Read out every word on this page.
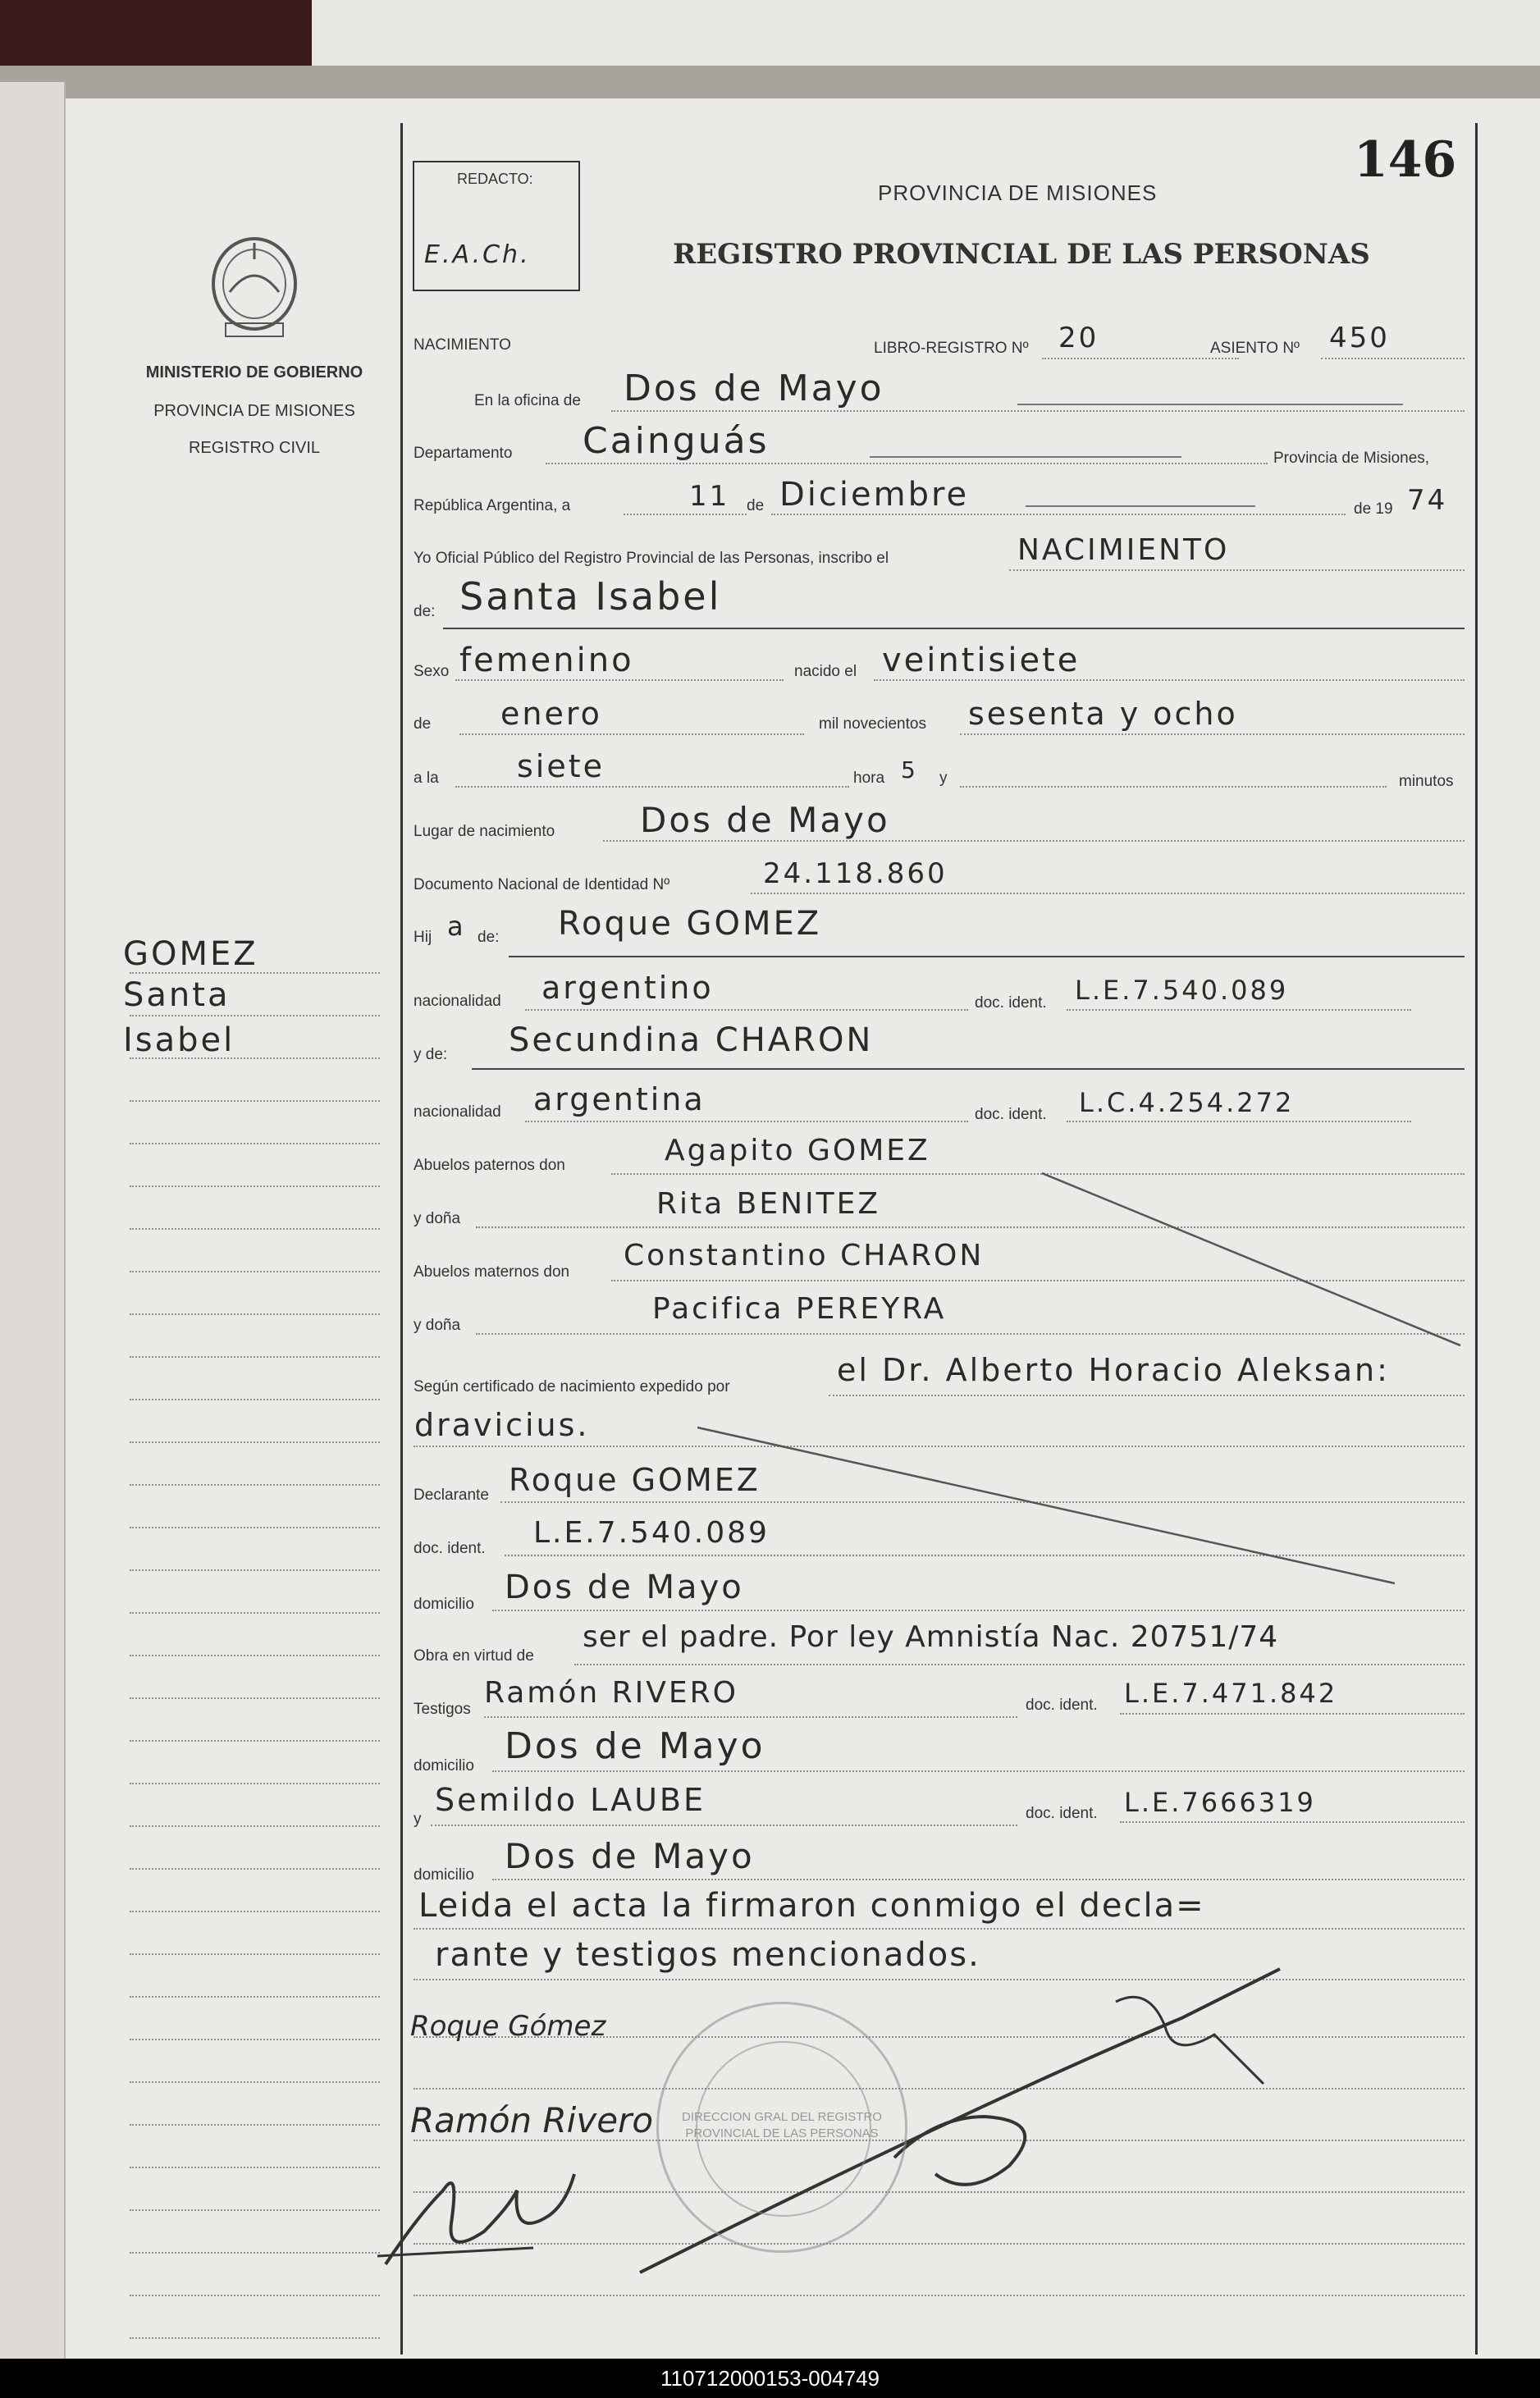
146
REDACTO:
E.A.Ch.
PROVINCIA DE MISIONES
REGISTRO PROVINCIAL DE LAS PERSONAS
MINISTERIO DE GOBIERNO
PROVINCIA DE MISIONES
REGISTRO CIVIL
GOMEZ
Santa
Isabel
NACIMIENTO	LIBRO-REGISTRO Nº 20	ASIENTO Nº 450
En la oficina de Dos de Mayo
Departamento Cainguás	Provincia de Misiones,
República Argentina, a	11 de Diciembre	de 19 74
Yo Oficial Público del Registro Provincial de las Personas, inscribo el	NACIMIENTO
de: Santa Isabel
Sexo femenino	nacido el veintisiete
de enero	mil novecientos sesenta y ocho
a la	siete	hora 5 y	minutos
Lugar de nacimiento Dos de Mayo
Documento Nacional de Identidad Nº	24.118.860
Hij a de: Roque GOMEZ
nacionalidad argentino	doc. ident. L.E.7.540.089
y de: Secundina CHARON
nacionalidad argentina	doc. ident. L.C.4.254.272
Abuelos paternos don	Agapito GOMEZ
y doña	Rita BENITEZ
Abuelos maternos don Constantino CHARON
y doña	Pacifica PEREYRA
Según certificado de nacimiento expedido por	el Dr. Alberto Horacio Aleksan:
dravicius.
Declarante Roque GOMEZ
doc. ident. L.E.7.540.089
domicilio Dos de Mayo
Obra en virtud de
ser el padre. Por ley Amnistía Nac. 20751/74
Testigos Ramón RIVERO	doc. ident. L.E.7.471.842
domicilio Dos de Mayo
y
Semildo LAUBE	doc. ident. L.E.7666319
domicilio Dos de Mayo
Leida el acta la firmaron conmigo el decla=
rante y testigos mencionados.
Roque Gómez
Ramón Rivero	DIRECCION GRAL DEL REGISTRO PROVINCIAL DE LAS PERSONAS
110712000153-004749
